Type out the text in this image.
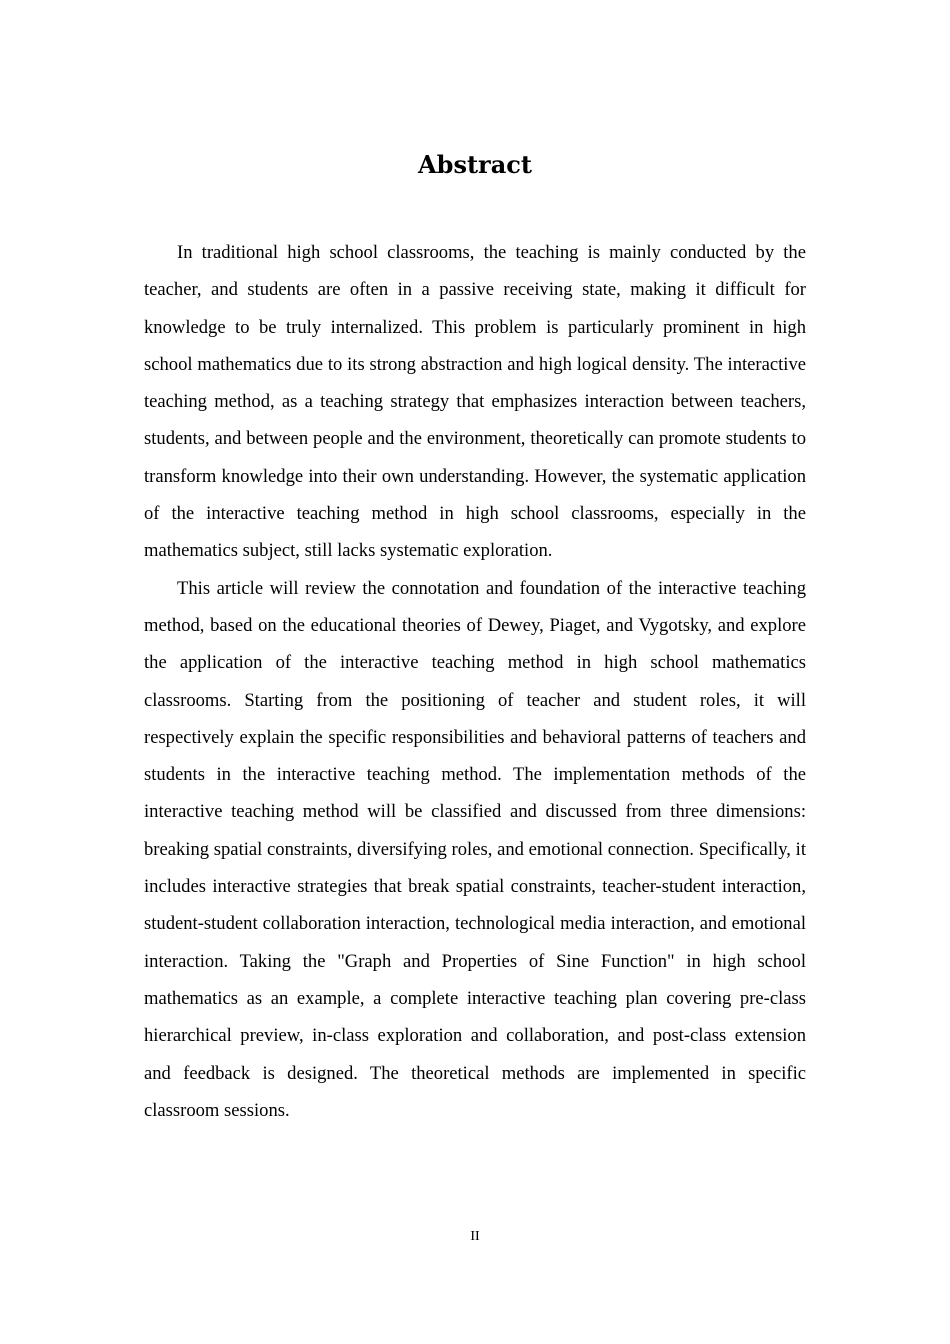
Abstract

In traditional high school classrooms, the teaching is mainly conducted by the teacher, and students are often in a passive receiving state, making it difficult for knowledge to be truly internalized. This problem is particularly prominent in high school mathematics due to its strong abstraction and high logical density. The interactive teaching method, as a teaching strategy that emphasizes interaction between teachers, students, and between people and the environment, theoretically can promote students to transform knowledge into their own understanding. However, the systematic application of the interactive teaching method in high school classrooms, especially in the mathematics subject, still lacks systematic exploration.

This article will review the connotation and foundation of the interactive teaching method, based on the educational theories of Dewey, Piaget, and Vygotsky, and explore the application of the interactive teaching method in high school mathematics classrooms. Starting from the positioning of teacher and student roles, it will respectively explain the specific responsibilities and behavioral patterns of teachers and students in the interactive teaching method. The implementation methods of the interactive teaching method will be classified and discussed from three dimensions: breaking spatial constraints, diversifying roles, and emotional connection. Specifically, it includes interactive strategies that break spatial constraints, teacher-student interaction, student-student collaboration interaction, technological media interaction, and emotional interaction. Taking the "Graph and Properties of Sine Function" in high school mathematics as an example, a complete interactive teaching plan covering pre-class hierarchical preview, in-class exploration and collaboration, and post-class extension and feedback is designed. The theoretical methods are implemented in specific classroom sessions.

II
